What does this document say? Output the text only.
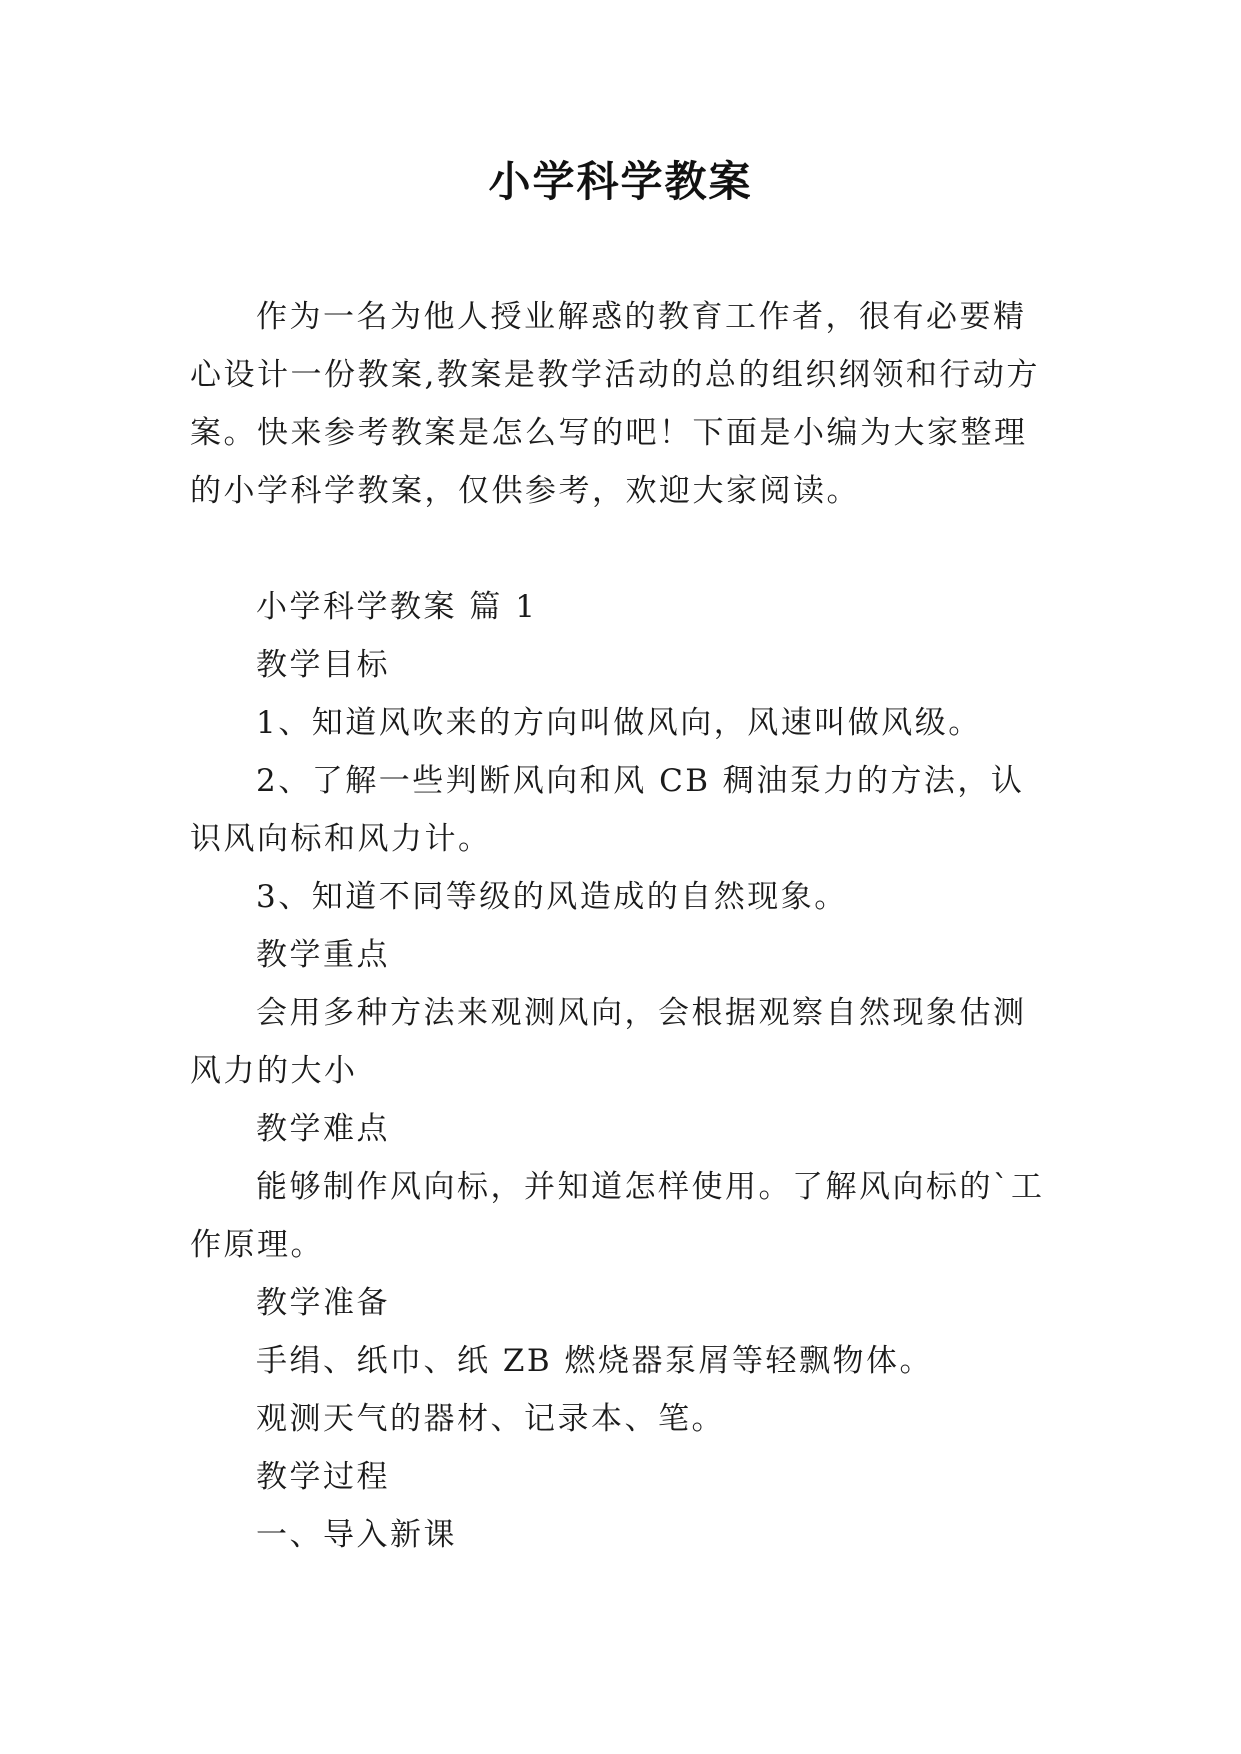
小学科学教案

作为一名为他人授业解惑的教育工作者，很有必要精心设计一份教案,教案是教学活动的总的组织纲领和行动方案。快来参考教案是怎么写的吧！下面是小编为大家整理的小学科学教案，仅供参考，欢迎大家阅读。

小学科学教案 篇 1

教学目标

1、知道风吹来的方向叫做风向，风速叫做风级。

2、了解一些判断风向和风 CB 稠油泵力的方法，认识风向标和风力计。

3、知道不同等级的风造成的自然现象。

教学重点

会用多种方法来观测风向，会根据观察自然现象估测风力的大小

教学难点

能够制作风向标，并知道怎样使用。了解风向标的`工作原理。

教学准备

手绢、纸巾、纸 ZB 燃烧器泵屑等轻飘物体。

观测天气的器材、记录本、笔。

教学过程

一、导入新课
